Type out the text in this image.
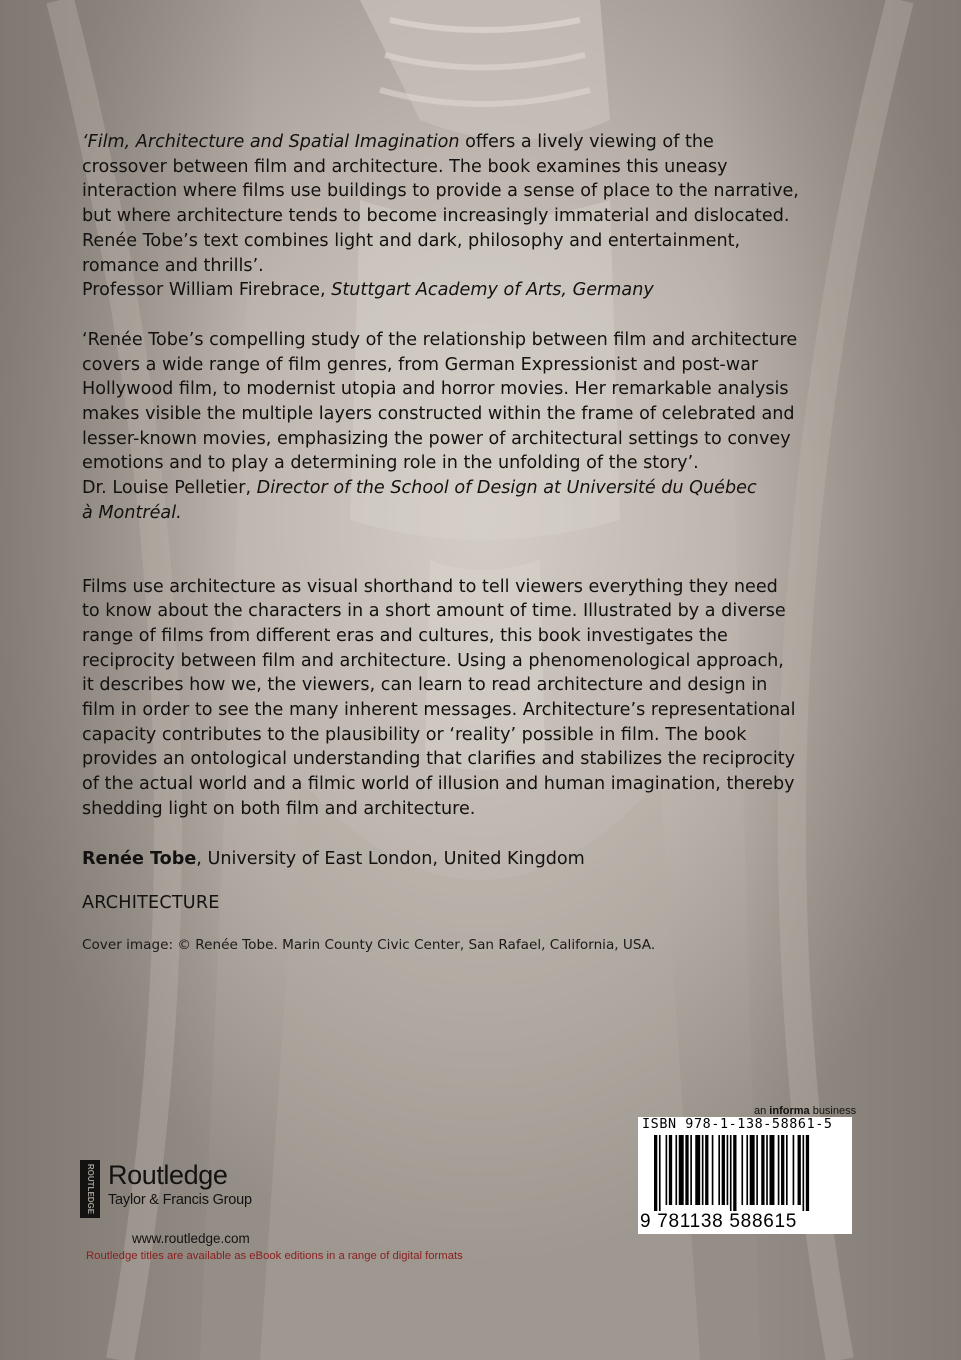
‘Film, Architecture and Spatial Imagination offers a lively viewing of the
crossover between film and architecture. The book examines this uneasy
interaction where films use buildings to provide a sense of place to the narrative,
but where architecture tends to become increasingly immaterial and dislocated.
Renée Tobe’s text combines light and dark, philosophy and entertainment,
romance and thrills’.
Professor William Firebrace, Stuttgart Academy of Arts, Germany

‘Renée Tobe’s compelling study of the relationship between film and architecture
covers a wide range of film genres, from German Expressionist and post-war
Hollywood film, to modernist utopia and horror movies. Her remarkable analysis
makes visible the multiple layers constructed within the frame of celebrated and
lesser-known movies, emphasizing the power of architectural settings to convey
emotions and to play a determining role in the unfolding of the story’.
Dr. Louise Pelletier, Director of the School of Design at Université du Québec
à Montréal.

Films use architecture as visual shorthand to tell viewers everything they need
to know about the characters in a short amount of time. Illustrated by a diverse
range of films from different eras and cultures, this book investigates the
reciprocity between film and architecture. Using a phenomenological approach,
it describes how we, the viewers, can learn to read architecture and design in
film in order to see the many inherent messages. Architecture’s representational
capacity contributes to the plausibility or ‘reality’ possible in film. The book
provides an ontological understanding that clarifies and stabilizes the reciprocity
of the actual world and a filmic world of illusion and human imagination, thereby
shedding light on both film and architecture.

Renée Tobe, University of East London, United Kingdom
ARCHITECTURE
Cover image: © Renée Tobe. Marin County Civic Center, San Rafael, California, USA.
ROUTLEDGE Routledge
Taylor & Francis Group
www.routledge.com
Routledge titles are available as eBook editions in a range of digital formats
an informa business
ISBN 978-1-138-58861-5
9 781138 588615
